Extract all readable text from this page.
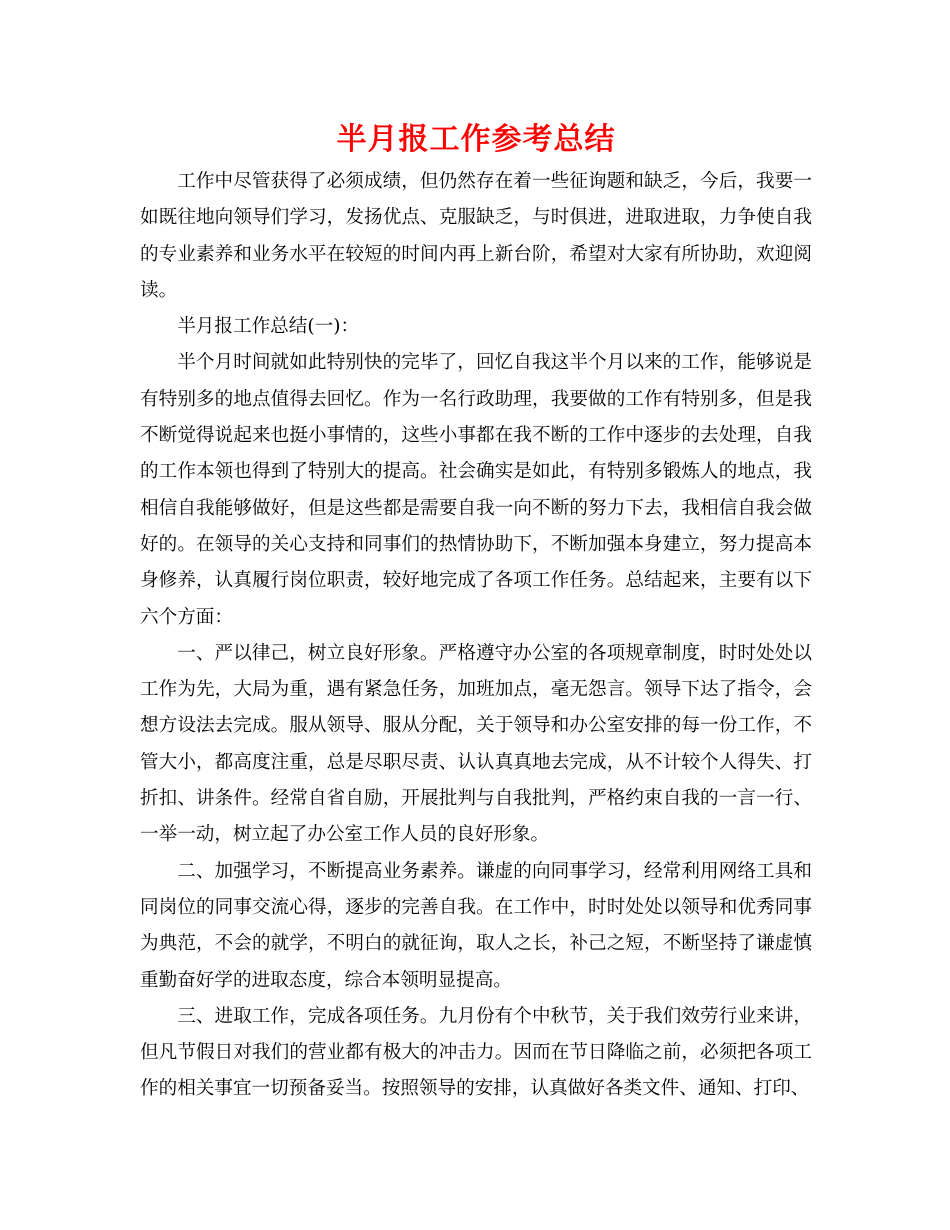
半月报工作参考总结

工作中尽管获得了必须成绩，但仍然存在着一些征询题和缺乏，今后，我要一如既往地向领导们学习，发扬优点、克服缺乏，与时俱进，进取进取，力争使自我的专业素养和业务水平在较短的时间内再上新台阶，希望对大家有所协助，欢迎阅读。

半月报工作总结(一)：

半个月时间就如此特别快的完毕了，回忆自我这半个月以来的工作，能够说是有特别多的地点值得去回忆。作为一名行政助理，我要做的工作有特别多，但是我不断觉得说起来也挺小事情的，这些小事都在我不断的工作中逐步的去处理，自我的工作本领也得到了特别大的提高。社会确实是如此，有特别多锻炼人的地点，我相信自我能够做好，但是这些都是需要自我一向不断的努力下去，我相信自我会做好的。在领导的关心支持和同事们的热情协助下，不断加强本身建立，努力提高本身修养，认真履行岗位职责，较好地完成了各项工作任务。总结起来，主要有以下六个方面：

一、严以律己，树立良好形象。严格遵守办公室的各项规章制度，时时处处以工作为先，大局为重，遇有紧急任务，加班加点，毫无怨言。领导下达了指令，会想方设法去完成。服从领导、服从分配，关于领导和办公室安排的每一份工作，不管大小，都高度注重，总是尽职尽责、认认真真地去完成，从不计较个人得失、打折扣、讲条件。经常自省自励，开展批判与自我批判，严格约束自我的一言一行、一举一动，树立起了办公室工作人员的良好形象。

二、加强学习，不断提高业务素养。谦虚的向同事学习，经常利用网络工具和同岗位的同事交流心得，逐步的完善自我。在工作中，时时处处以领导和优秀同事为典范，不会的就学，不明白的就征询，取人之长，补己之短，不断坚持了谦虚慎重勤奋好学的进取态度，综合本领明显提高。

三、进取工作，完成各项任务。九月份有个中秋节，关于我们效劳行业来讲，但凡节假日对我们的营业都有极大的冲击力。因而在节日降临之前，必须把各项工作的相关事宜一切预备妥当。按照领导的安排，认真做好各类文件、通知、打印、
